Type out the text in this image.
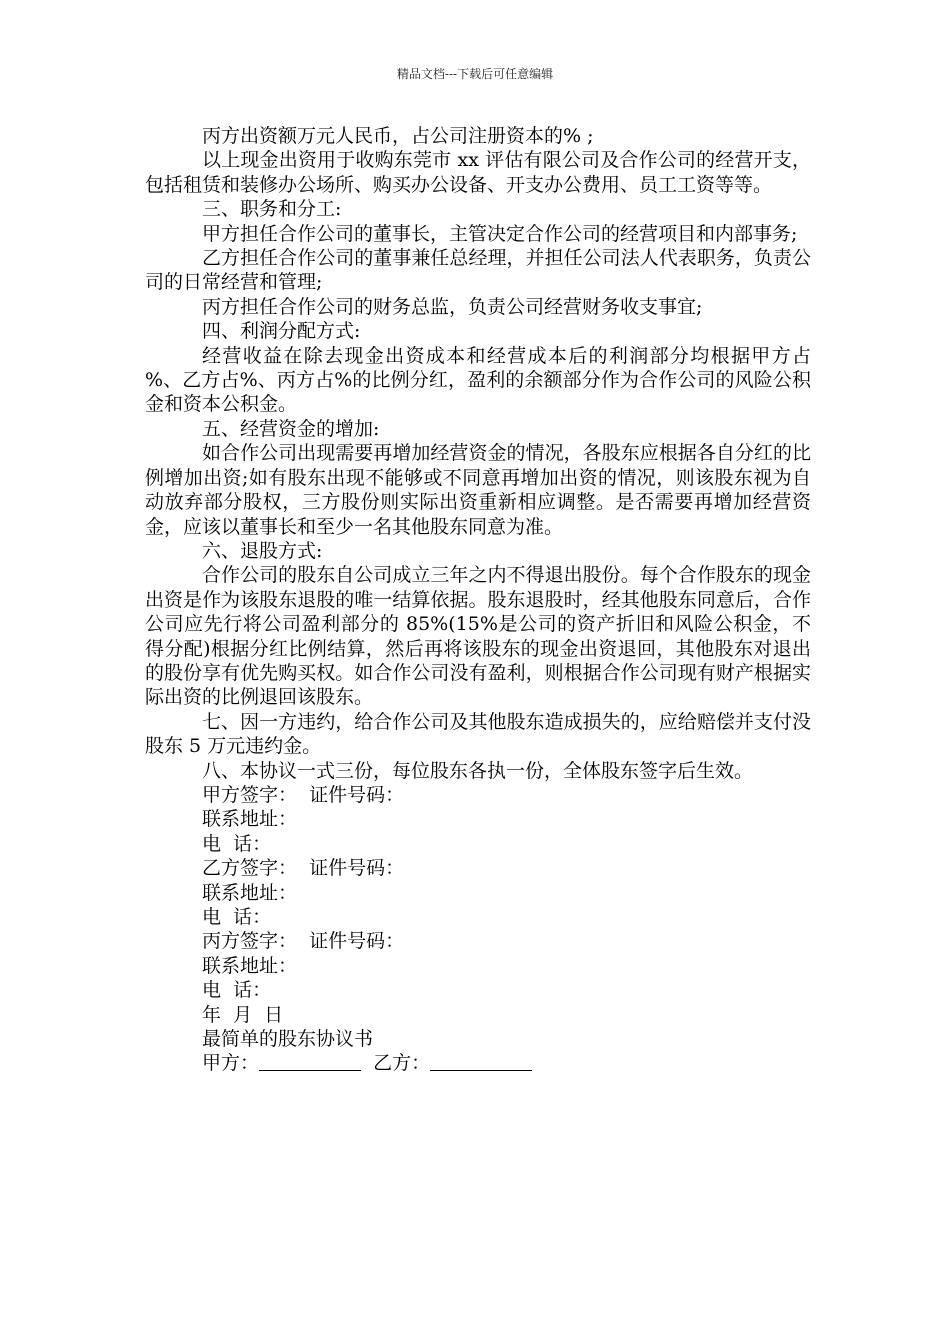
精品文档---下载后可任意编辑
丙方出资额万元人民币，占公司注册资本的% ;
以上现金出资用于收购东莞市 xx 评估有限公司及合作公司的经营开支，包括租赁和装修办公场所、购买办公设备、开支办公费用、员工工资等等。
三、职务和分工:
甲方担任合作公司的董事长，主管决定合作公司的经营项目和内部事务;
乙方担任合作公司的董事兼任总经理，并担任公司法人代表职务，负责公司的日常经营和管理;
丙方担任合作公司的财务总监，负责公司经营财务收支事宜;
四、利润分配方式:
经营收益在除去现金出资成本和经营成本后的利润部分均根据甲方占 %、乙方占%、丙方占%的比例分红，盈利的余额部分作为合作公司的风险公积金和资本公积金。
五、经营资金的增加:
如合作公司出现需要再增加经营资金的情况，各股东应根据各自分红的比例增加出资;如有股东出现不能够或不同意再增加出资的情况，则该股东视为自动放弃部分股权，三方股份则实际出资重新相应调整。是否需要再增加经营资金，应该以董事长和至少一名其他股东同意为准。
六、退股方式:
合作公司的股东自公司成立三年之内不得退出股份。每个合作股东的现金出资是作为该股东退股的唯一结算依据。股东退股时，经其他股东同意后，合作公司应先行将公司盈利部分的 85%(15%是公司的资产折旧和风险公积金，不得分配)根据分红比例结算，然后再将该股东的现金出资退回，其他股东对退出的股份享有优先购买权。如合作公司没有盈利，则根据合作公司现有财产根据实际出资的比例退回该股东。
七、因一方违约，给合作公司及其他股东造成损失的，应给赔偿并支付没股东 5 万元违约金。
八、本协议一式三份，每位股东各执一份，全体股东签字后生效。
甲方签字：  证件号码：
联系地址：
电  话：
乙方签字：  证件号码：
联系地址：
电  话：
丙方签字：  证件号码：
联系地址：
电  话：
年  月  日
最简单的股东协议书
甲方：	乙方：
